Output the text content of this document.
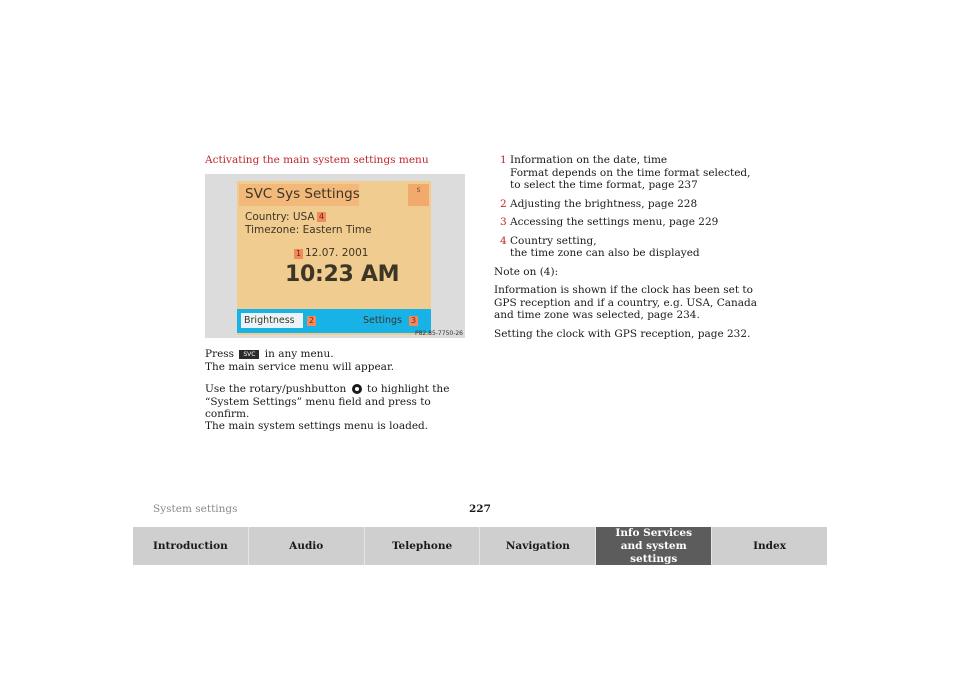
Activating the main system settings menu
SVC Sys Settings	S
Country: USA 4
Timezone: Eastern Time
1 12.07. 2001
10:23 AM
Brightness	2	Settings 3
P82.85-7750-26

Press SVC in any menu.

The main service menu will appear.

Use the rotary/pushbutton to highlight the “System Settings” menu field and press to confirm.

The main system settings menu is loaded.

1 Information on the date, time
Format depends on the time format selected,
to select the time format, page 237
2 Adjusting the brightness, page 228
3 Accessing the settings menu, page 229
4 Country setting,
the time zone can also be displayed

Note on (4):

Information is shown if the clock has been set to GPS reception and if a country, e.g. USA, Canada and time zone was selected, page 234.

Setting the clock with GPS reception, page 232.

System settings	227
Introduction	Audio	Telephone	Navigation
Info Services and system settings
Index
